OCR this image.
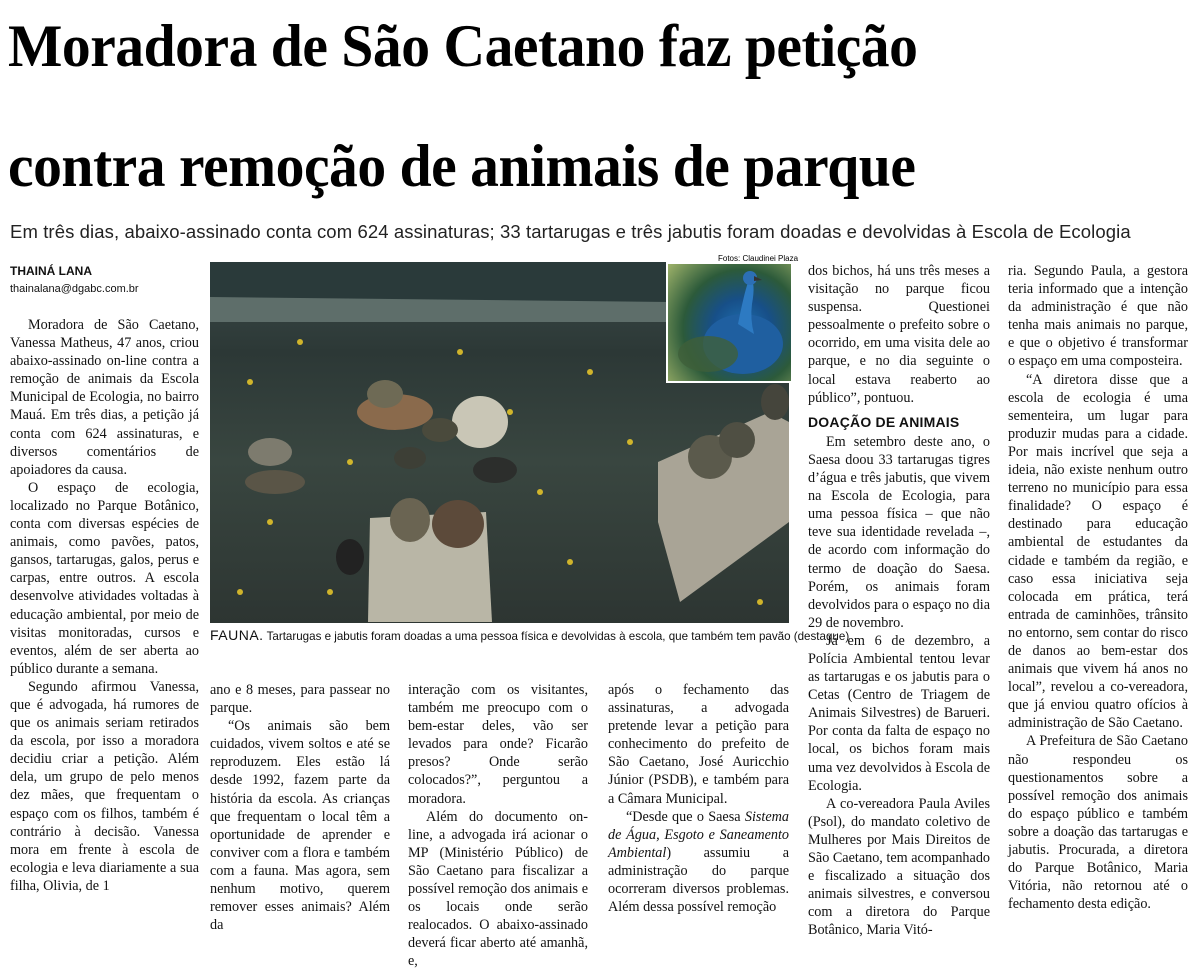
Moradora de São Caetano faz petição
contra remoção de animais de parque
Em três dias, abaixo-assinado conta com 624 assinaturas; 33 tartarugas e três jabutis foram doadas e devolvidas à Escola de Ecologia
THAINÁ LANA
thainalana@dgabc.com.br
Fotos: Claudinei Plaza
FAUNA. Tartarugas e jabutis foram doadas a uma pessoa física e devolvidas à escola, que também tem pavão (destaque)

Moradora de São Caetano, Vanessa Matheus, 47 anos, criou abaixo-assinado on-line contra a remoção de animais da Escola Municipal de Ecologia, no bairro Mauá. Em três dias, a petição já conta com 624 assinaturas, e diversos comentários de apoiadores da causa.

O espaço de ecologia, localizado no Parque Botânico, conta com diversas espécies de animais, como pavões, patos, gansos, tartarugas, galos, perus e carpas, entre outros. A escola desenvolve atividades voltadas à educação ambiental, por meio de visitas monitoradas, cursos e eventos, além de ser aberta ao público durante a semana.

Segundo afirmou Vanessa, que é advogada, há rumores de que os animais seriam retirados da escola, por isso a moradora decidiu criar a petição. Além dela, um grupo de pelo menos dez mães, que frequentam o espaço com os filhos, também é contrário à decisão. Vanessa mora em frente à escola de ecologia e leva diariamente a sua filha, Olivia, de 1

ano e 8 meses, para passear no parque.

“Os animais são bem cuidados, vivem soltos e até se reproduzem. Eles estão lá desde 1992, fazem parte da história da escola. As crianças que frequentam o local têm a oportunidade de aprender e conviver com a flora e também com a fauna. Mas agora, sem nenhum motivo, querem remover esses animais? Além da

interação com os visitantes, também me preocupo com o bem-estar deles, vão ser levados para onde? Ficarão presos? Onde serão colocados?”, perguntou a moradora.

Além do documento on-line, a advogada irá acionar o MP (Ministério Público) de São Caetano para fiscalizar a possível remoção dos animais e os locais onde serão realocados. O abaixo-assinado deverá ficar aberto até amanhã, e,

após o fechamento das assinaturas, a advogada pretende levar a petição para conhecimento do prefeito de São Caetano, José Auricchio Júnior (PSDB), e também para a Câmara Municipal.

“Desde que o Saesa Sistema de Água, Esgoto e Saneamento Ambiental) assumiu a administração do parque ocorreram diversos problemas. Além dessa possível remoção

dos bichos, há uns três meses a visitação no parque ficou suspensa. Questionei pessoalmente o prefeito sobre o ocorrido, em uma visita dele ao parque, e no dia seguinte o local estava reaberto ao público”, pontuou.

DOAÇÃO DE ANIMAIS

Em setembro deste ano, o Saesa doou 33 tartarugas tigres d’água e três jabutis, que vivem na Escola de Ecologia, para uma pessoa física – que não teve sua identidade revelada –, de acordo com informação do termo de doação do Saesa. Porém, os animais foram devolvidos para o espaço no dia 29 de novembro.

Já em 6 de dezembro, a Polícia Ambiental tentou levar as tartarugas e os jabutis para o Cetas (Centro de Triagem de Animais Silvestres) de Barueri. Por conta da falta de espaço no local, os bichos foram mais uma vez devolvidos à Escola de Ecologia.

A co-vereadora Paula Aviles (Psol), do mandato coletivo de Mulheres por Mais Direitos de São Caetano, tem acompanhado e fiscalizado a situação dos animais silvestres, e conversou com a diretora do Parque Botânico, Maria Vitó-

ria. Segundo Paula, a gestora teria informado que a intenção da administração é que não tenha mais animais no parque, e que o objetivo é transformar o espaço em uma composteira.

“A diretora disse que a escola de ecologia é uma sementeira, um lugar para produzir mudas para a cidade. Por mais incrível que seja a ideia, não existe nenhum outro terreno no município para essa finalidade? O espaço é destinado para educação ambiental de estudantes da cidade e também da região, e caso essa iniciativa seja colocada em prática, terá entrada de caminhões, trânsito no entorno, sem contar do risco de danos ao bem-estar dos animais que vivem há anos no local”, revelou a co-vereadora, que já enviou quatro ofícios à administração de São Caetano.

A Prefeitura de São Caetano não respondeu os questionamentos sobre a possível remoção dos animais do espaço público e também sobre a doação das tartarugas e jabutis. Procurada, a diretora do Parque Botânico, Maria Vitória, não retornou até o fechamento desta edição.
